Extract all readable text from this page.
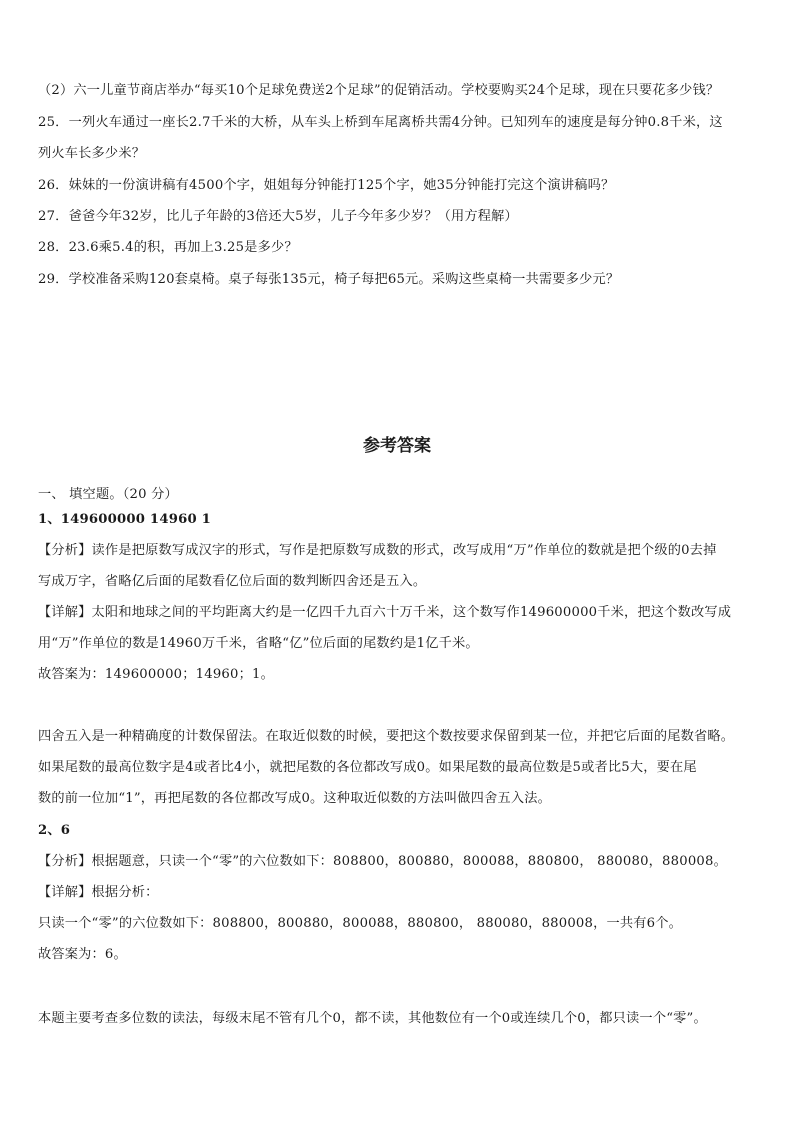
（2）六一儿童节商店举办“每买10个足球免费送2个足球”的促销活动。学校要购买24个足球，现在只要花多少钱？
25．一列火车通过一座长2.7千米的大桥，从车头上桥到车尾离桥共需4分钟。已知列车的速度是每分钟0.8千米，这
列火车长多少米？
26．妹妹的一份演讲稿有4500个字，姐姐每分钟能打125个字，她35分钟能打完这个演讲稿吗？
27．爸爸今年32岁，比儿子年龄的3倍还大5岁，儿子今年多少岁？（用方程解）
28．23.6乘5.4的积，再加上3.25是多少？
29．学校准备采购120套桌椅。桌子每张135元，椅子每把65元。采购这些桌椅一共需要多少元？
参考答案
一、 填空题。（20 分）
1、149600000 14960 1
【分析】读作是把原数写成汉字的形式，写作是把原数写成数的形式，改写成用“万”作单位的数就是把个级的0去掉
写成万字，省略亿后面的尾数看亿位后面的数判断四舍还是五入。
【详解】太阳和地球之间的平均距离大约是一亿四千九百六十万千米，这个数写作149600000千米，把这个数改写成
用“万”作单位的数是14960万千米，省略“亿”位后面的尾数约是1亿千米。
故答案为：149600000；14960；1。
四舍五入是一种精确度的计数保留法。在取近似数的时候，要把这个数按要求保留到某一位，并把它后面的尾数省略。
如果尾数的最高位数字是4或者比4小，就把尾数的各位都改写成0。如果尾数的最高位数是5或者比5大，要在尾
数的前一位加“1”，再把尾数的各位都改写成0。这种取近似数的方法叫做四舍五入法。
2、6
【分析】根据题意，只读一个“零”的六位数如下：808800，800880，800088，880800， 880080，880008。
【详解】根据分析：
只读一个“零”的六位数如下：808800，800880，800088，880800， 880080，880008，一共有6个。
故答案为：6。
本题主要考查多位数的读法，每级末尾不管有几个0，都不读，其他数位有一个0或连续几个0，都只读一个“零”。
